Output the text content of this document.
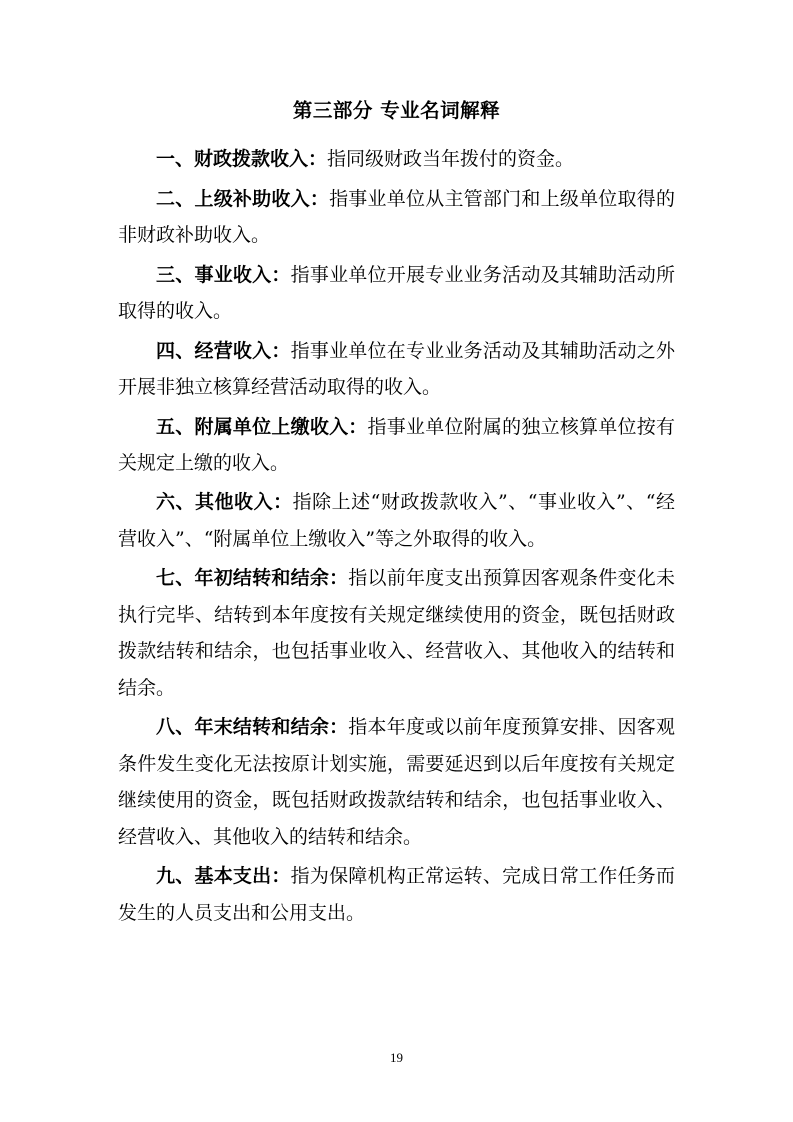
第三部分 专业名词解释

一、财政拨款收入：指同级财政当年拨付的资金。

二、上级补助收入：指事业单位从主管部门和上级单位取得的非财政补助收入。

三、事业收入：指事业单位开展专业业务活动及其辅助活动所取得的收入。

四、经营收入：指事业单位在专业业务活动及其辅助活动之外开展非独立核算经营活动取得的收入。

五、附属单位上缴收入：指事业单位附属的独立核算单位按有关规定上缴的收入。

六、其他收入：指除上述“财政拨款收入”、“事业收入”、“经营收入”、“附属单位上缴收入”等之外取得的收入。

七、年初结转和结余：指以前年度支出预算因客观条件变化未执行完毕、结转到本年度按有关规定继续使用的资金，既包括财政拨款结转和结余，也包括事业收入、经营收入、其他收入的结转和结余。

八、年末结转和结余：指本年度或以前年度预算安排、因客观条件发生变化无法按原计划实施，需要延迟到以后年度按有关规定继续使用的资金，既包括财政拨款结转和结余，也包括事业收入、经营收入、其他收入的结转和结余。

九、基本支出：指为保障机构正常运转、完成日常工作任务而发生的人员支出和公用支出。

19
